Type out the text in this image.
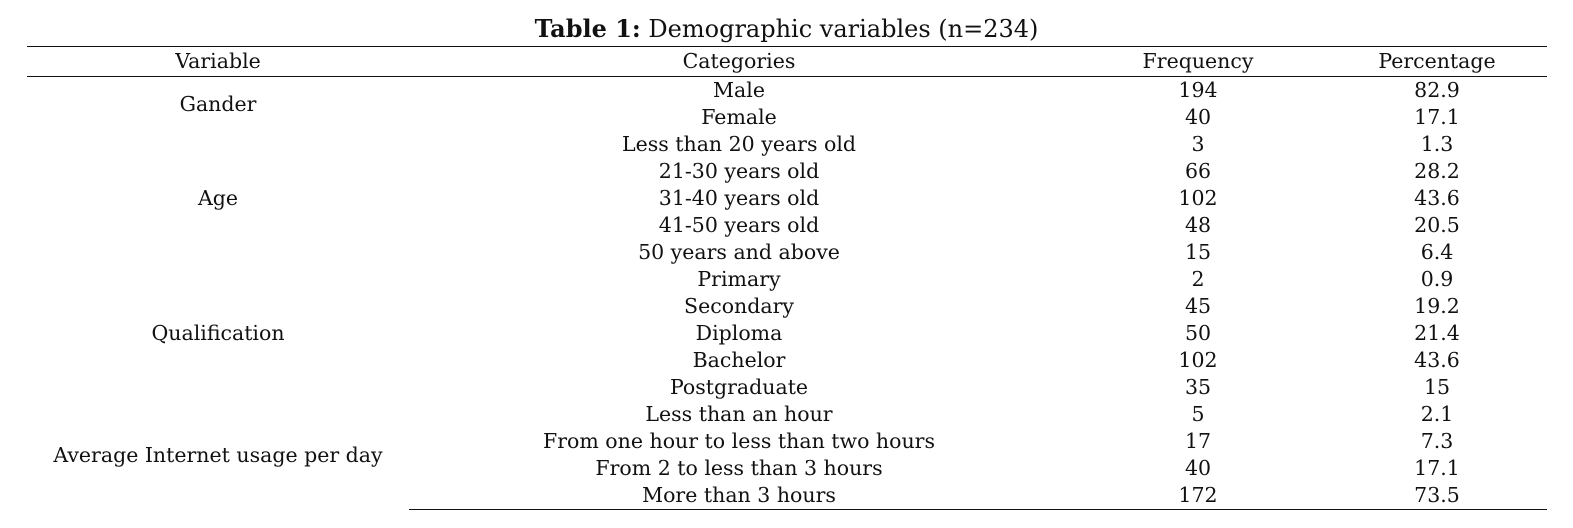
Table 1: Demographic variables (n=234)
Variable	Categories	Frequency	Percentage
Gander	Male	194	82.9
	Female	40	17.1
Age	Less than 20 years old	3	1.3
	21-30 years old	66	28.2
	31-40 years old	102	43.6
	41-50 years old	48	20.5
	50 years and above	15	6.4
Qualification	Primary	2	0.9
	Secondary	45	19.2
	Diploma	50	21.4
	Bachelor	102	43.6
	Postgraduate	35	15
Average Internet usage per day	Less than an hour	5	2.1
	From one hour to less than two hours	17	7.3
	From 2 to less than 3 hours	40	17.1
	More than 3 hours	172	73.5
